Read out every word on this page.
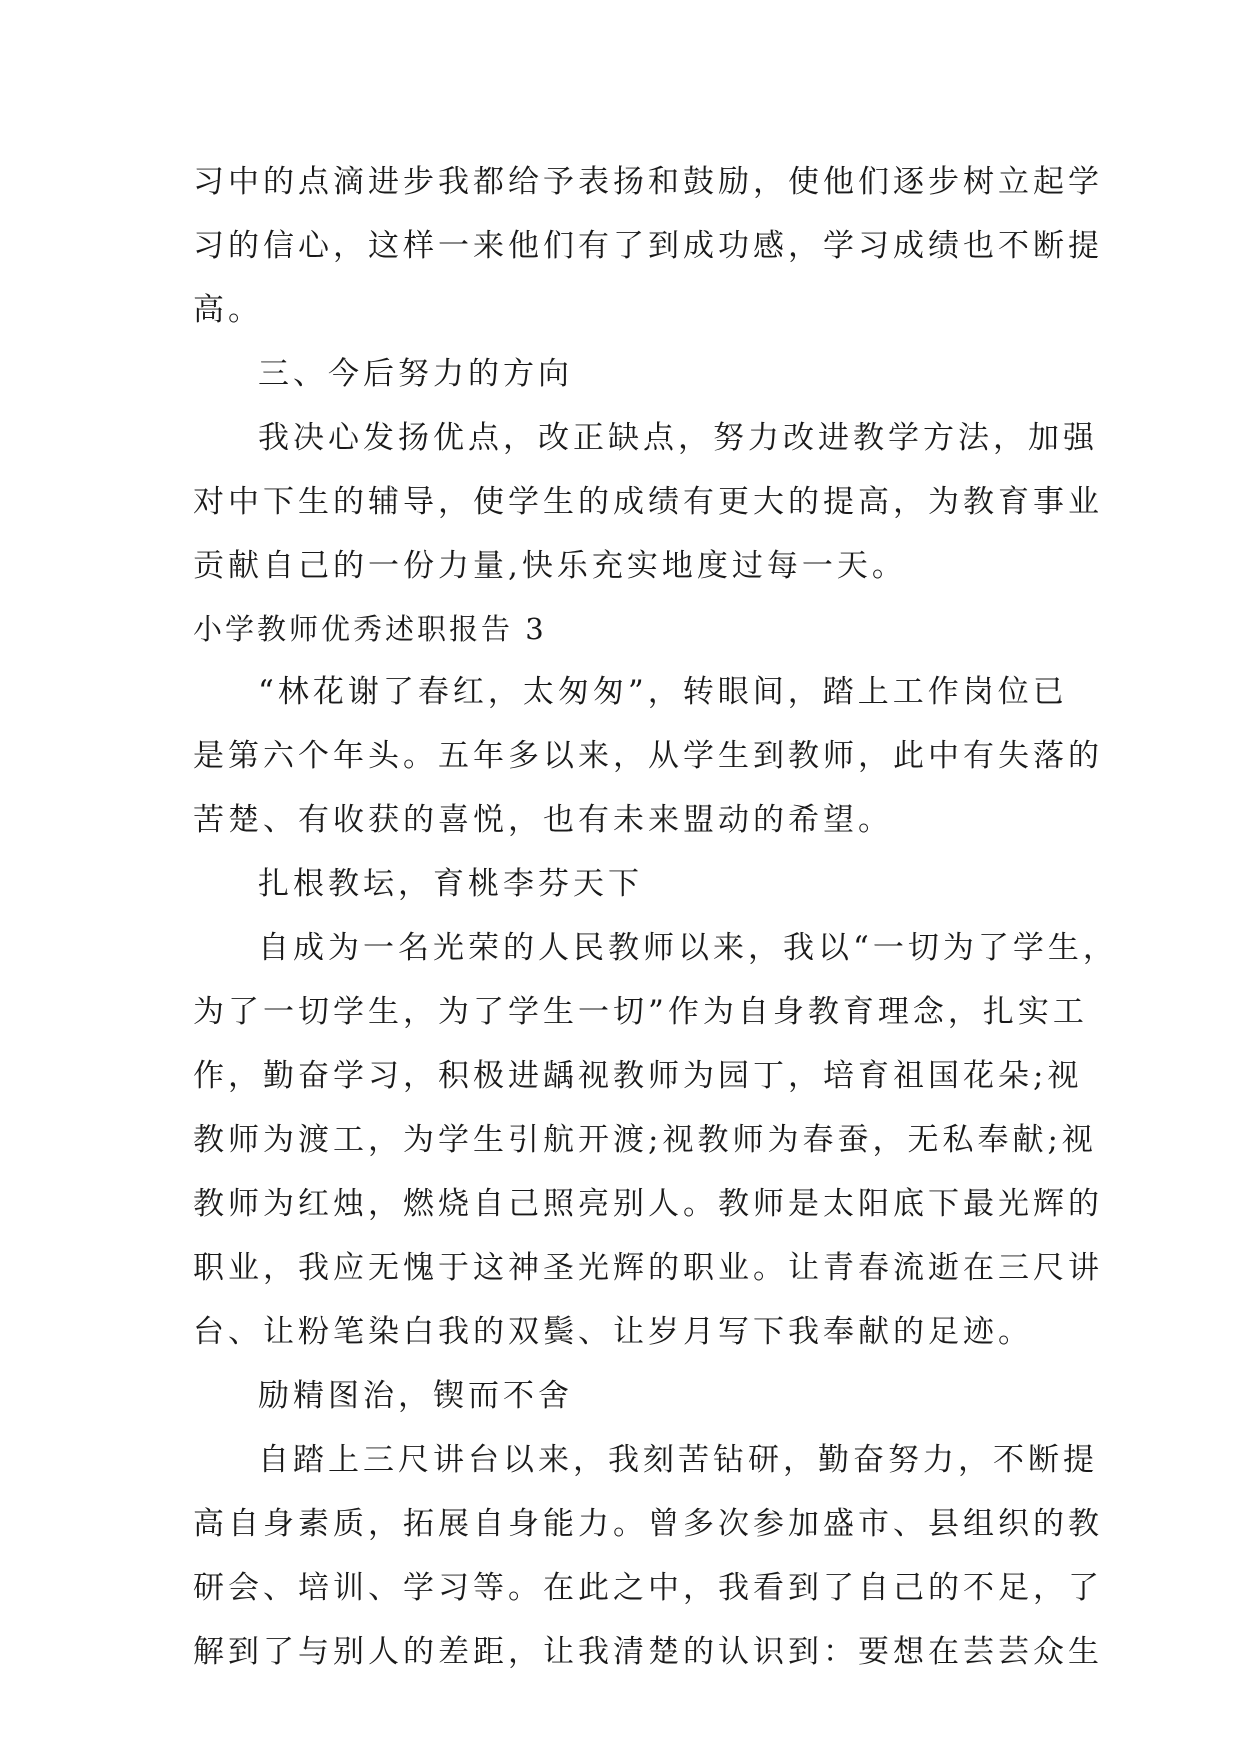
习中的点滴进步我都给予表扬和鼓励，使他们逐步树立起学
习的信心，这样一来他们有了到成功感，学习成绩也不断提
高。
三、今后努力的方向
我决心发扬优点，改正缺点，努力改进教学方法，加强
对中下生的辅导，使学生的成绩有更大的提高，为教育事业
贡献自己的一份力量,快乐充实地度过每一天。
小学教师优秀述职报告 3
“林花谢了春红，太匆匆”，转眼间，踏上工作岗位已
是第六个年头。五年多以来，从学生到教师，此中有失落的
苦楚、有收获的喜悦，也有未来盟动的希望。
扎根教坛，育桃李芬天下
自成为一名光荣的人民教师以来，我以“一切为了学生，
为了一切学生，为了学生一切”作为自身教育理念，扎实工
作，勤奋学习，积极进龋视教师为园丁，培育祖国花朵;视
教师为渡工，为学生引航开渡;视教师为春蚕，无私奉献;视
教师为红烛，燃烧自己照亮别人。教师是太阳底下最光辉的
职业，我应无愧于这神圣光辉的职业。让青春流逝在三尺讲
台、让粉笔染白我的双鬓、让岁月写下我奉献的足迹。
励精图治，锲而不舍
自踏上三尺讲台以来，我刻苦钻研，勤奋努力，不断提
高自身素质，拓展自身能力。曾多次参加盛市、县组织的教
研会、培训、学习等。在此之中，我看到了自己的不足，了
解到了与别人的差距，让我清楚的认识到：要想在芸芸众生
